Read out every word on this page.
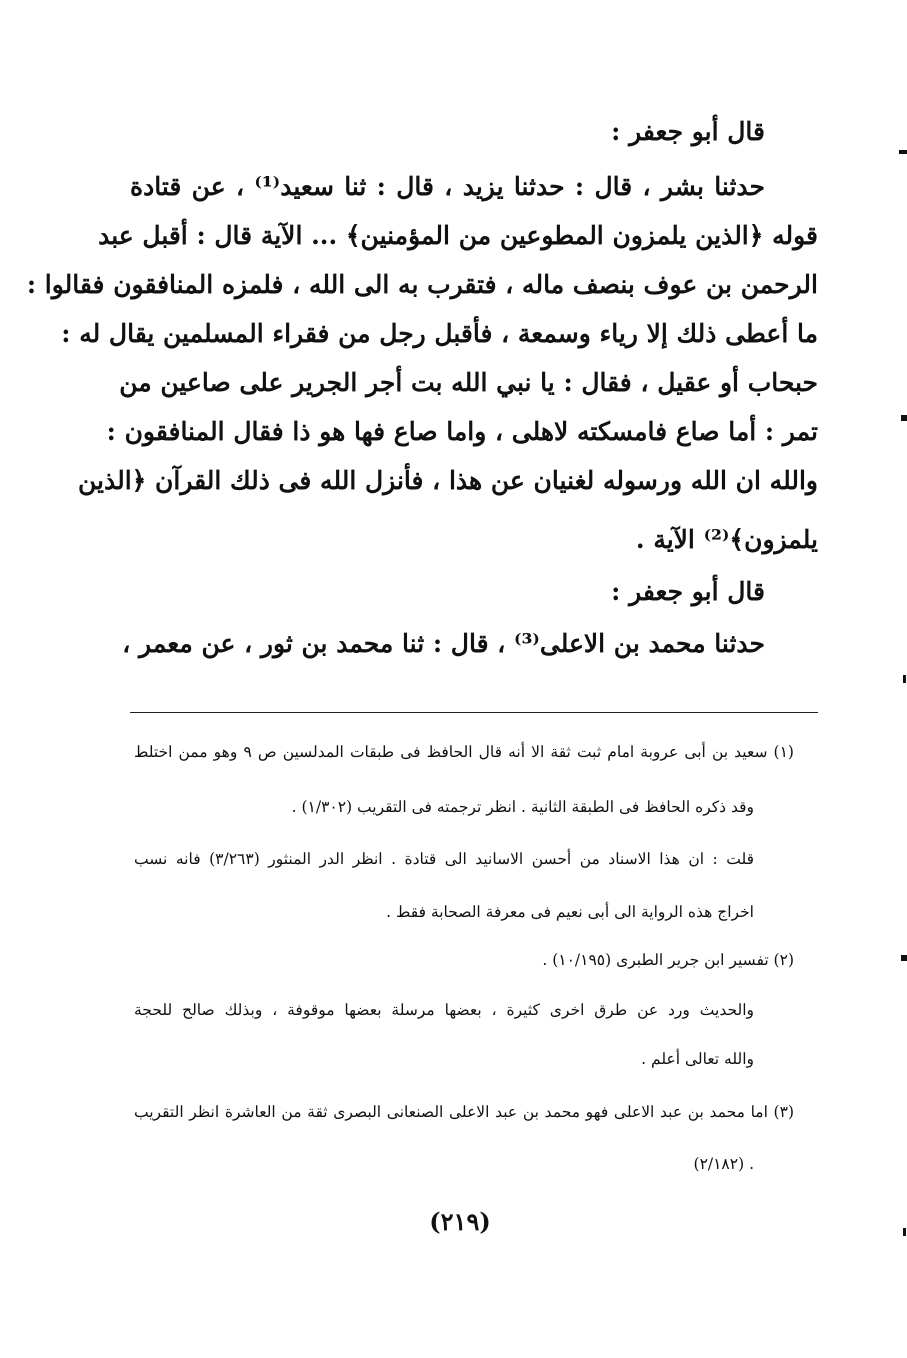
قال أبو جعفر :
حدثنا بشر ، قال : حدثنا يزيد ، قال : ثنا سعيد⁽¹⁾ ، عن قتادة
قوله ﴿الذين يلمزون المطوعين من المؤمنين﴾ ... الآية قال : أقبل عبد
الرحمن بن عوف بنصف ماله ، فتقرب به الى الله ، فلمزه المنافقون فقالوا :
ما أعطى ذلك إلا رياء وسمعة ، فأقبل رجل من فقراء المسلمين يقال له :
حبحاب أو عقيل ، فقال : يا نبي الله بت أجر الجرير على صاعين من
تمر : أما صاع فامسكته لاهلى ، واما صاع فها هو ذا فقال المنافقون :
والله ان الله ورسوله لغنيان عن هذا ، فأنزل الله فى ذلك القرآن ﴿الذين
يلمزون﴾⁽²⁾ الآية .
قال أبو جعفر :
حدثنا محمد بن الاعلى⁽³⁾ ، قال : ثنا محمد بن ثور ، عن معمر ،
(١) سعيد بن أبى عروبة امام ثبت ثقة الا أنه قال الحافظ فى طبقات المدلسين ص ٩ وهو ممن اختلط
وقد ذكره الحافظ فى الطبقة الثانية . انظر ترجمته فى التقريب (١/٣٠٢) .
قلت : ان هذا الاسناد من أحسن الاسانيد الى قتادة . انظر الدر المنثور (٣/٢٦٣) فانه نسب
اخراج هذه الرواية الى أبى نعيم فى معرفة الصحابة فقط .
(٢) تفسير ابن جرير الطبرى (١٠/١٩٥) .
والحديث ورد عن طرق اخرى كثيرة ، بعضها مرسلة بعضها موقوفة ، وبذلك صالح للحجة
والله تعالى أعلم .
(٣) اما محمد بن عبد الاعلى فهو محمد بن عبد الاعلى الصنعانى البصرى ثقة من العاشرة انظر التقريب
(٢/١٨٢) .
(٢١٩)
